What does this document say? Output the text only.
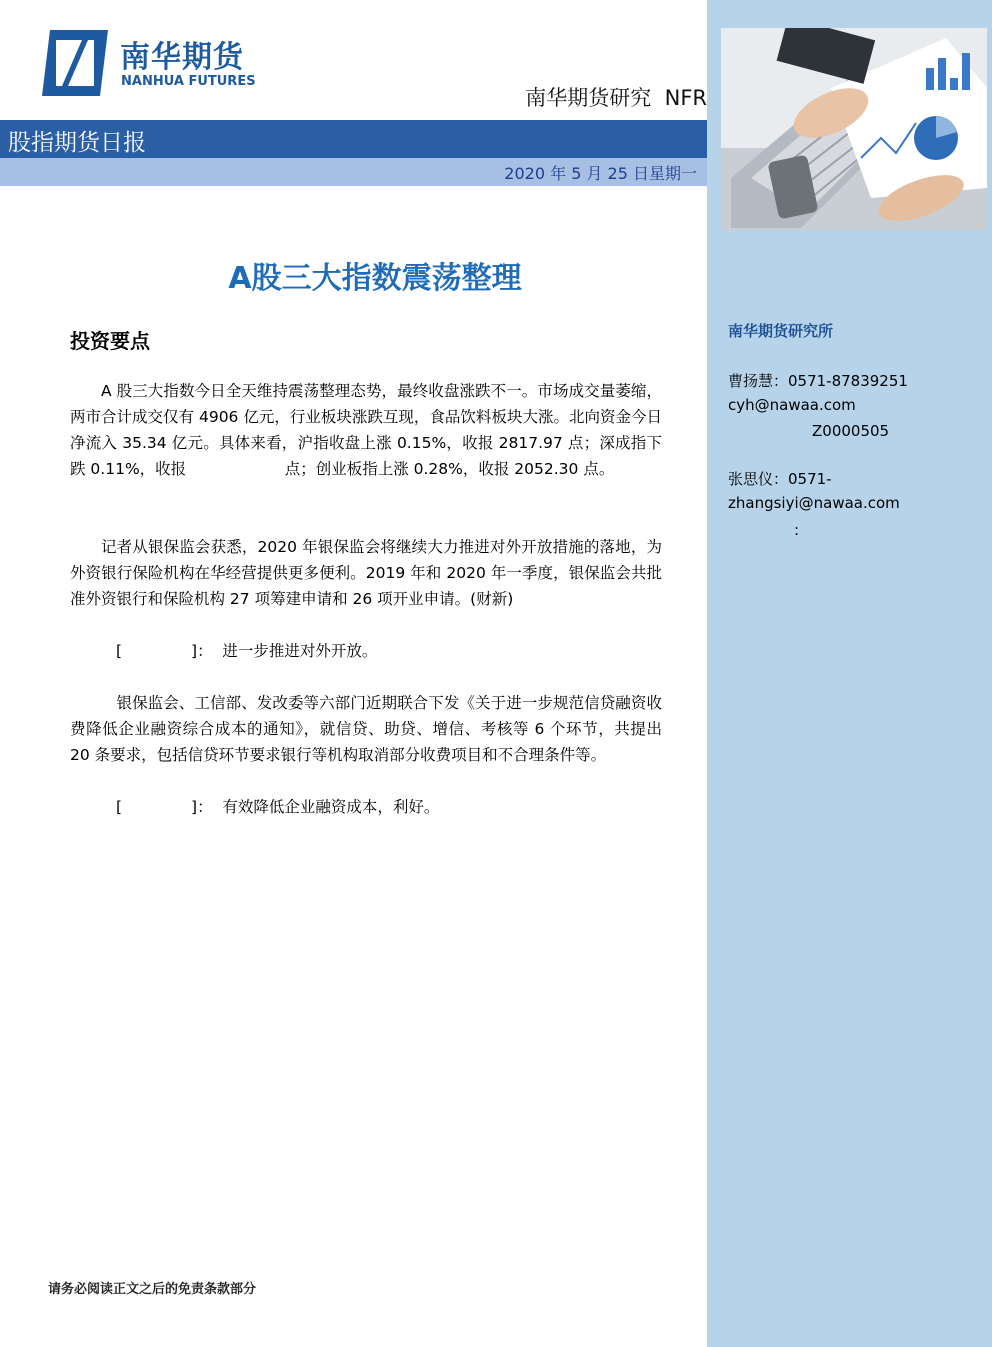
南华期货
NANHUA FUTURES
南华期货研究  NFR
股指期货日报
2020 年 5 月 25 日星期一
A股三大指数震荡整理
投资要点

A 股三大指数今日全天维持震荡整理态势，最终收盘涨跌不一。市场成交量萎缩，两市合计成交仅有 4906 亿元，行业板块涨跌互现，食品饮料板块大涨。北向资金今日净流入 35.34 亿元。具体来看，沪指收盘上涨 0.15%，收报 2817.97 点；深成指下跌 0.11%，收报                    点；创业板指上涨 0.28%，收报 2052.30 点。

记者从银保监会获悉，2020 年银保监会将继续大力推进对外开放措施的落地，为外资银行保险机构在华经营提供更多便利。2019 年和 2020 年一季度，银保监会共批准外资银行和保险机构 27 项筹建申请和 26 项开业申请。(财新)

[              ]：  进一步推进对外开放。

银保监会、工信部、发改委等六部门近期联合下发《关于进一步规范信贷融资收费降低企业融资综合成本的通知》，就信贷、助贷、增信、考核等 6 个环节，共提出 20 条要求，包括信贷环节要求银行等机构取消部分收费项目和不合理条件等。

[              ]：  有效降低企业融资成本，利好。
南华期货研究所
曹扬慧：0571-87839251
cyh@nawaa.com
Z0000505
张思仪：0571-
zhangsiyi@nawaa.com
:
请务必阅读正文之后的免责条款部分
